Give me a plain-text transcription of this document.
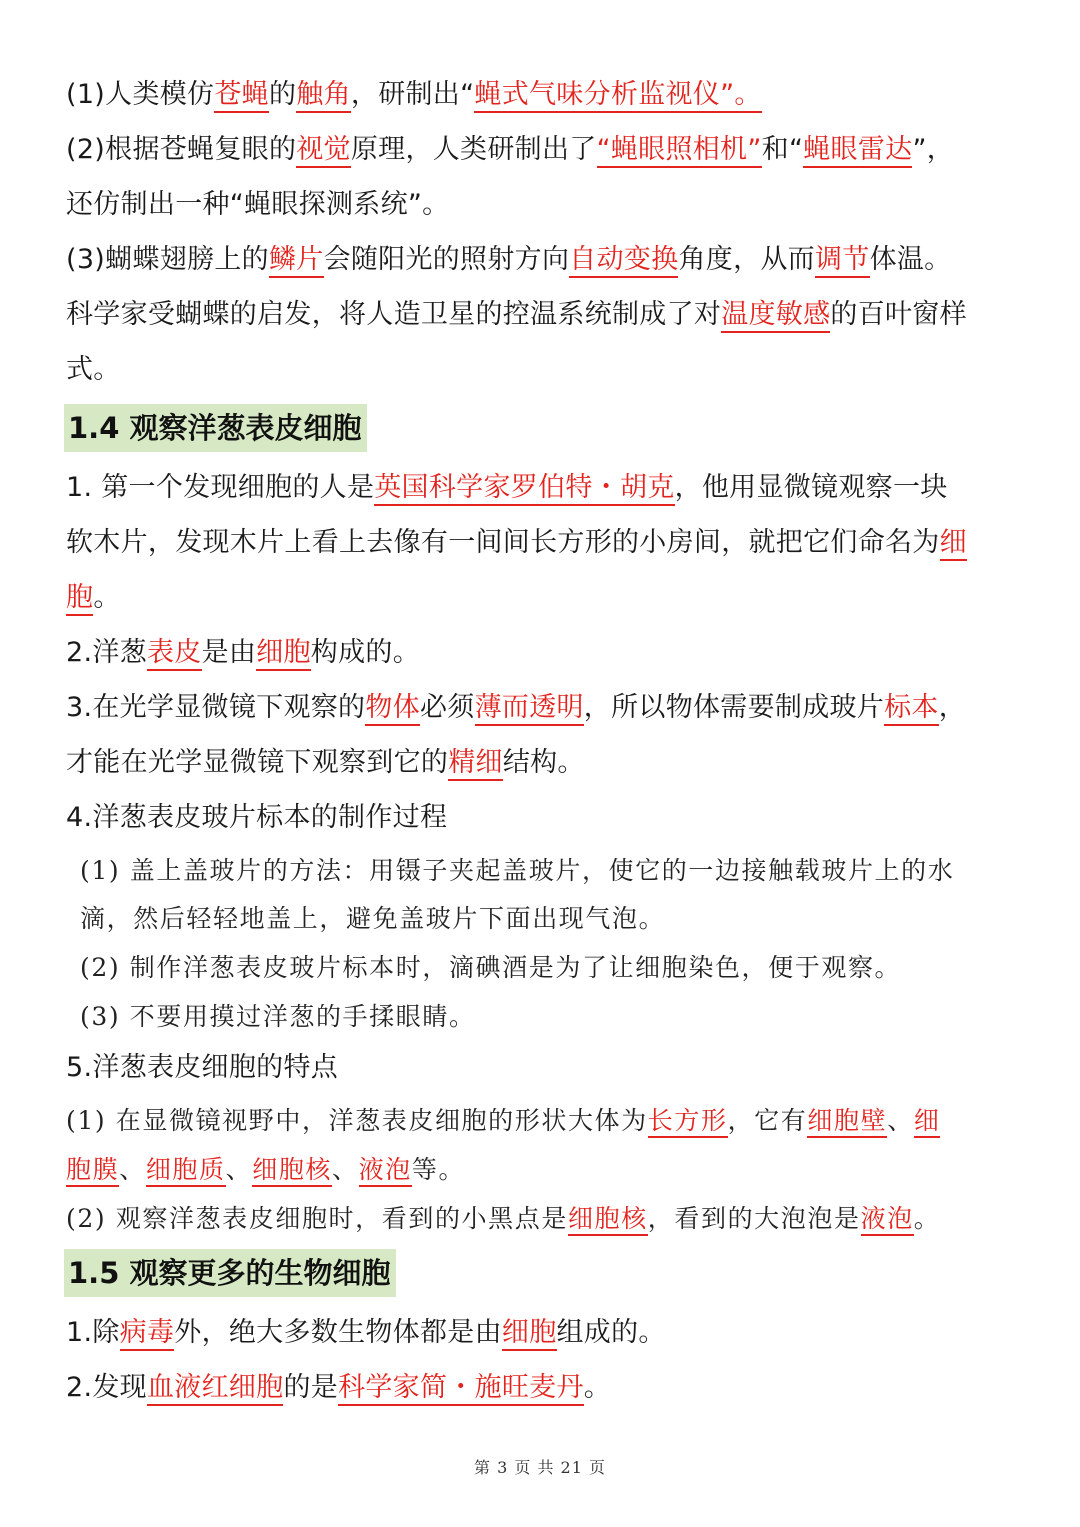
(1)人类模仿苍蝇的触角，研制出“蝇式气味分析监视仪”。
(2)根据苍蝇复眼的视觉原理，人类研制出了“蝇眼照相机”和“蝇眼雷达”，
还仿制出一种“蝇眼探测系统”。
(3)蝴蝶翅膀上的鳞片会随阳光的照射方向自动变换角度，从而调节体温。
科学家受蝴蝶的启发，将人造卫星的控温系统制成了对温度敏感的百叶窗样
式。
1.4 观察洋葱表皮细胞
1. 第一个发现细胞的人是英国科学家罗伯特・胡克，他用显微镜观察一块
软木片，发现木片上看上去像有一间间长方形的小房间，就把它们命名为细
胞。
2.洋葱表皮是由细胞构成的。
3.在光学显微镜下观察的物体必须薄而透明，所以物体需要制成玻片标本，
才能在光学显微镜下观察到它的精细结构。
4.洋葱表皮玻片标本的制作过程
(1) 盖上盖玻片的方法：用镊子夹起盖玻片，使它的一边接触载玻片上的水
滴，然后轻轻地盖上，避免盖玻片下面出现气泡。
(2) 制作洋葱表皮玻片标本时，滴碘酒是为了让细胞染色，便于观察。
(3) 不要用摸过洋葱的手揉眼睛。
5.洋葱表皮细胞的特点
(1) 在显微镜视野中，洋葱表皮细胞的形状大体为长方形，它有细胞壁、细
胞膜、细胞质、细胞核、液泡等。
(2) 观察洋葱表皮细胞时，看到的小黑点是细胞核，看到的大泡泡是液泡。
1.5 观察更多的生物细胞
1.除病毒外，绝大多数生物体都是由细胞组成的。
2.发现血液红细胞的是科学家简・施旺麦丹。
第 3 页 共 21 页
